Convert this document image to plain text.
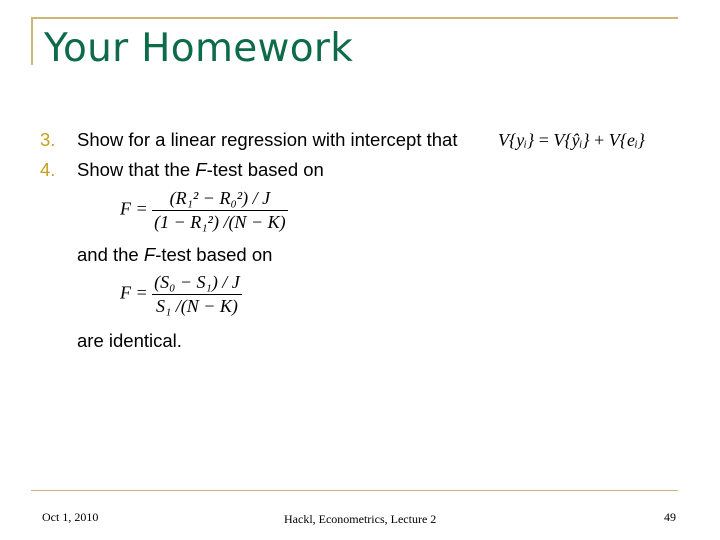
Your Homework
3. Show for a linear regression with intercept that V{yᵢ} = V{ŷᵢ} + V{eᵢ}
4. Show that the F-test based on
$F = \frac{\text{(R₁² − R₀²) / J}}{\text{(1 − R₁²) /(N − K)}}$
and the F-test based on
$F = \frac{\text{(S₀ − S₁) / J}}{\text{S₁ /(N − K)}}$
are identical.
Oct 1, 2010	Hackl, Econometrics, Lecture 2	49
